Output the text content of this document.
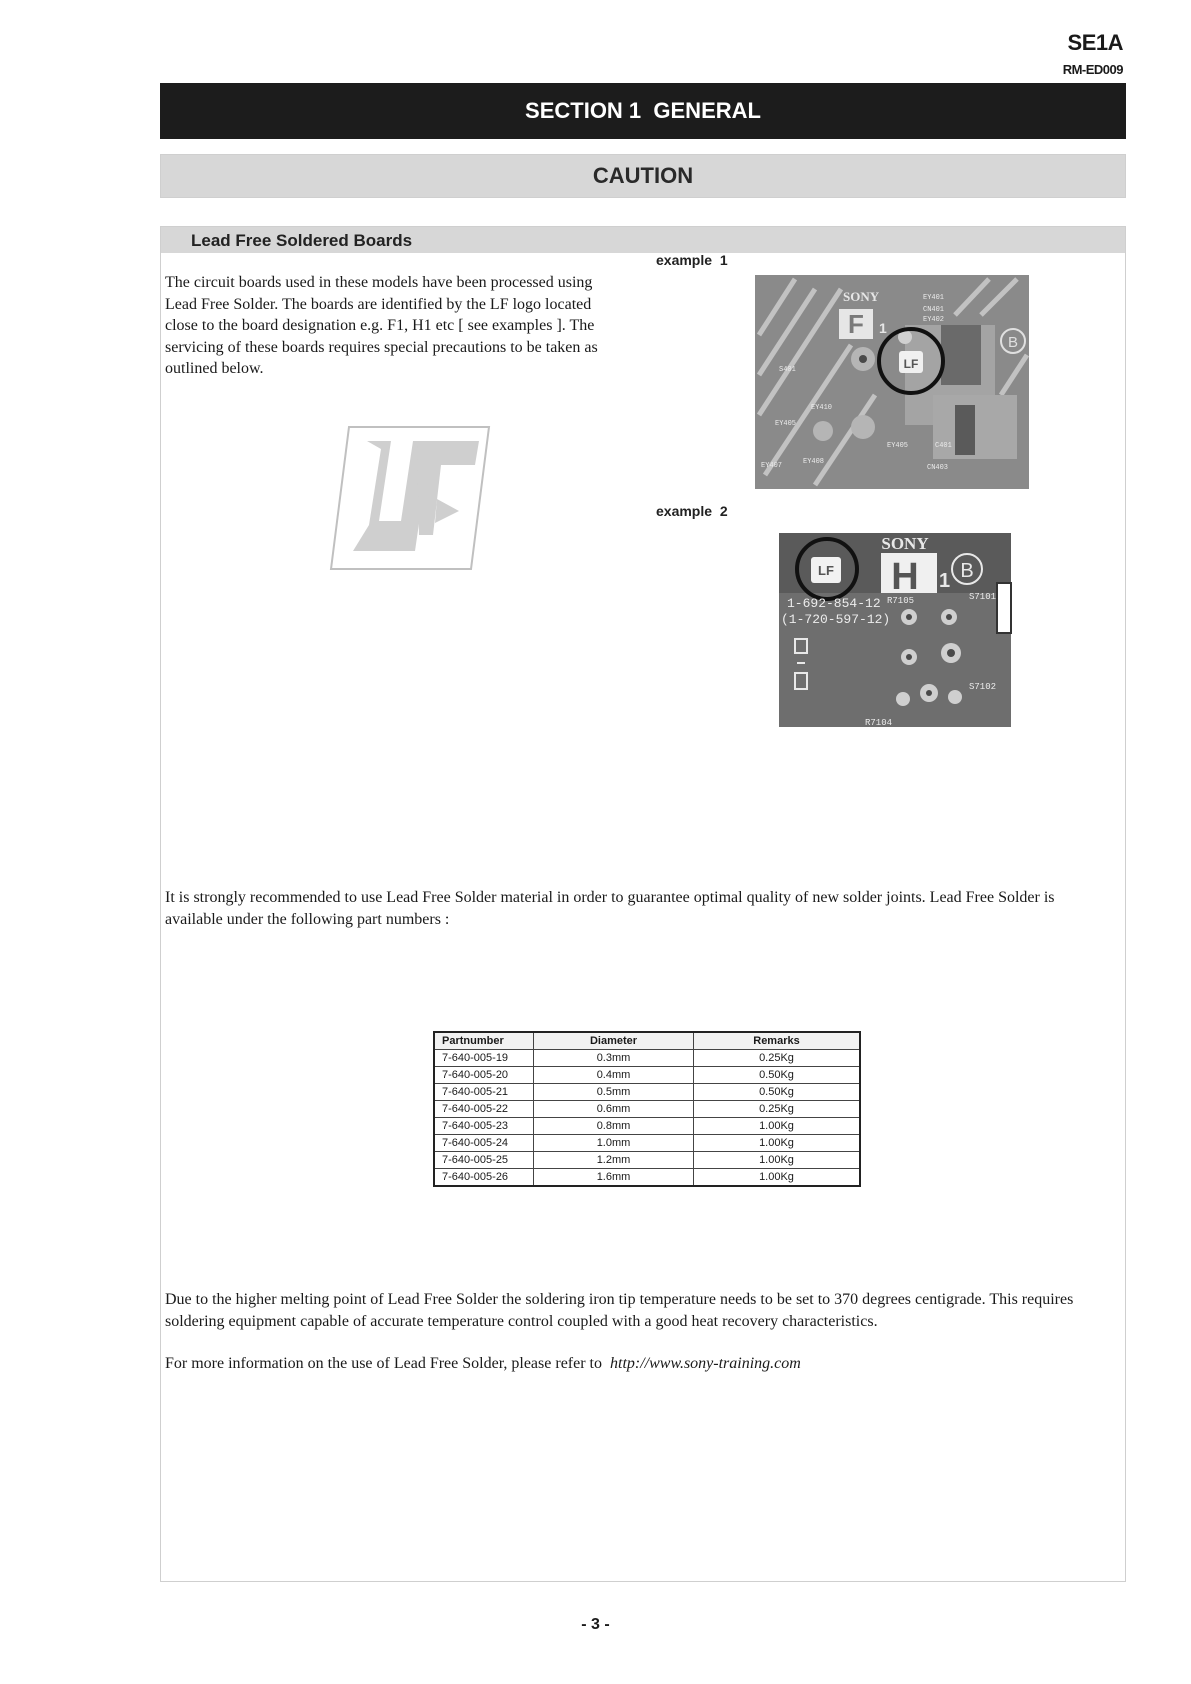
SE1A
RM-ED009
SECTION 1  GENERAL
CAUTION
Lead Free Soldered Boards
The circuit boards used in these models have been processed using Lead Free Solder. The boards are identified by the LF logo located close to the board designation e.g. F1, H1 etc [ see examples ]. The servicing of these boards requires special precautions to be taken as outlined below.
example  1
example  2
F 1
SONY
LF
B
EY401
CN401
EY402
S401
EY410
EY405
EY407	EY408
EY405	C401
CN403
SONY
H 1 B
LF
1-692-854-12
(1-720-597-12)
R7105	S7101
S7102
R7104
It is strongly recommended to use Lead Free Solder material in order to guarantee optimal quality of new solder joints. Lead Free Solder is available under the following part numbers :
Partnumber	Diameter	Remarks
7-640-005-19	0.3mm	0.25Kg
7-640-005-20	0.4mm	0.50Kg
7-640-005-21	0.5mm	0.50Kg
7-640-005-22	0.6mm	0.25Kg
7-640-005-23	0.8mm	1.00Kg
7-640-005-24	1.0mm	1.00Kg
7-640-005-25	1.2mm	1.00Kg
7-640-005-26	1.6mm	1.00Kg
Due to the higher melting point of Lead Free Solder the soldering iron tip temperature needs to be set to 370 degrees centigrade. This requires soldering equipment capable of accurate temperature control coupled with a good heat recovery characteristics.
For more information on the use of Lead Free Solder, please refer to http://www.sony-training.com
- 3 -
